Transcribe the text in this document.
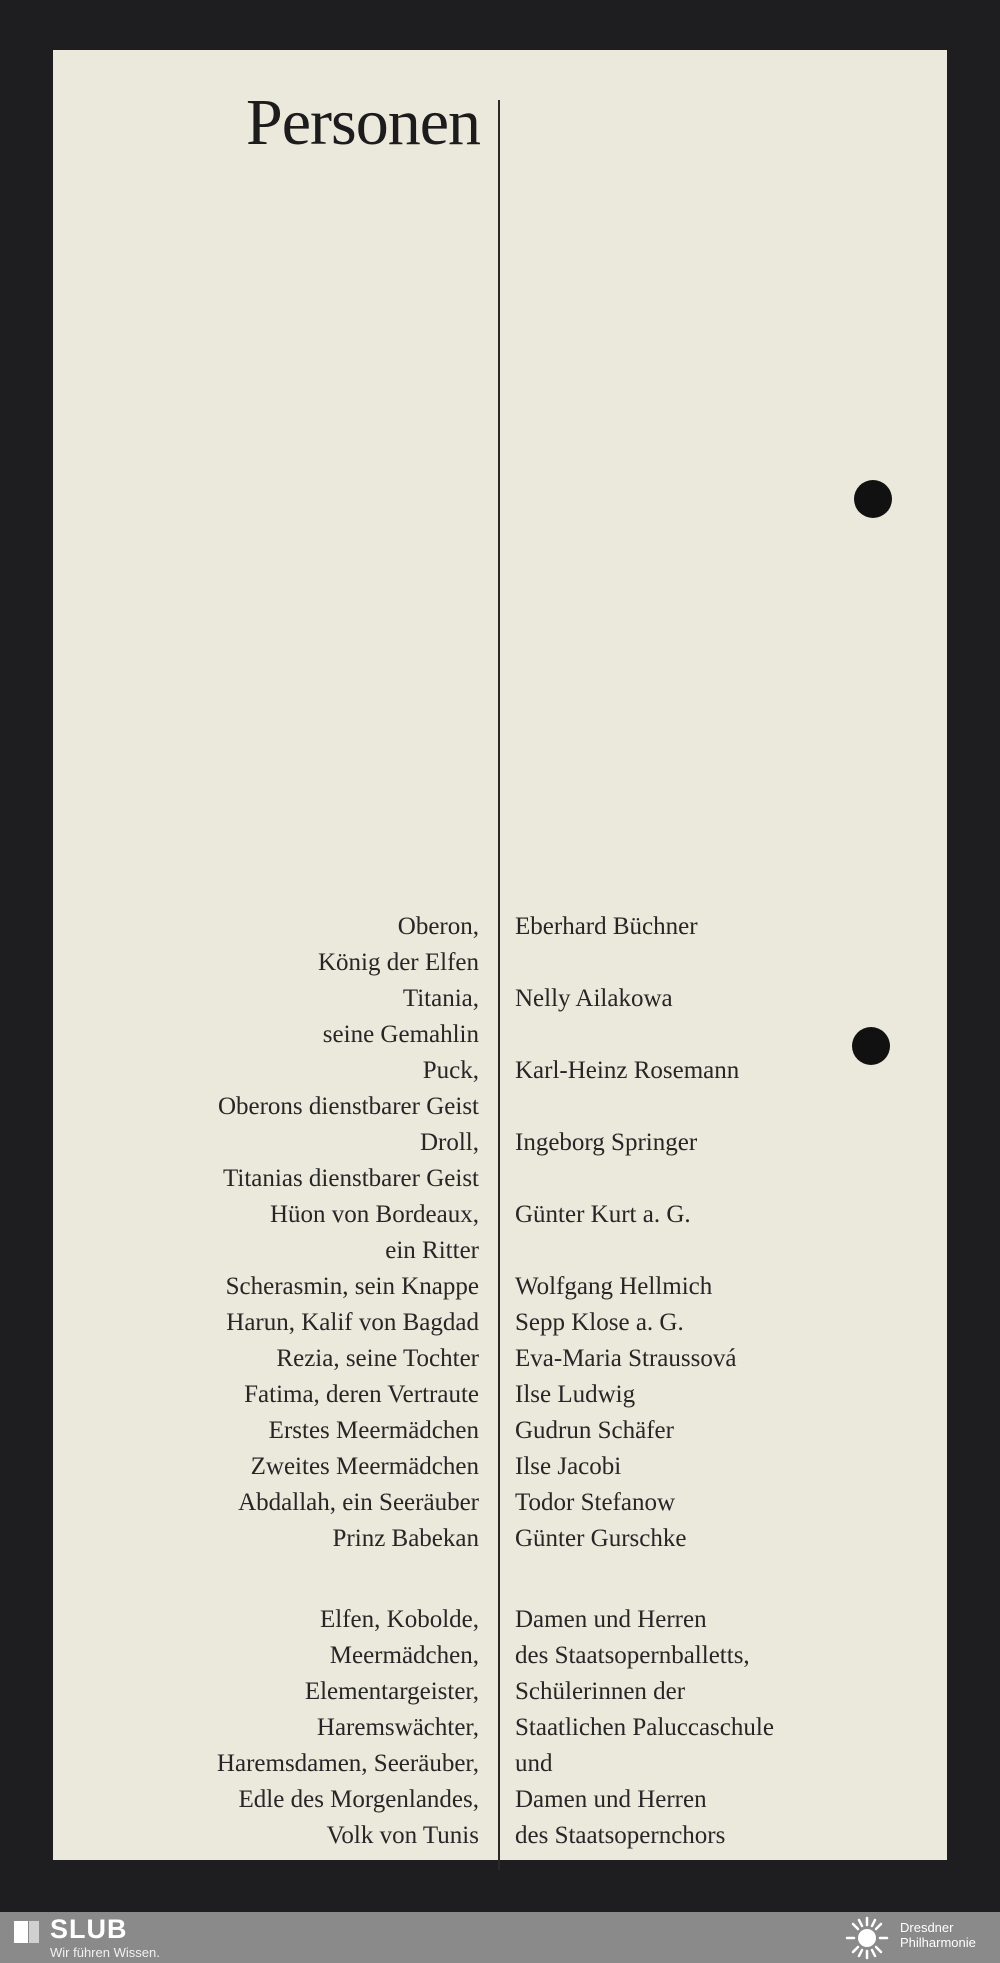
Personen
Oberon, Eberhard Büchner
König der Elfen
Titania, Nelly Ailakowa
seine Gemahlin
Puck, Karl-Heinz Rosemann
Oberons dienstbarer Geist
Droll, Ingeborg Springer
Titanias dienstbarer Geist
Hüon von Bordeaux, Günter Kurt a. G.
ein Ritter
Scherasmin, sein Knappe Wolfgang Hellmich
Harun, Kalif von Bagdad Sepp Klose a. G.
Rezia, seine Tochter Eva-Maria Straussová
Fatima, deren Vertraute Ilse Ludwig
Erstes Meermädchen Gudrun Schäfer
Zweites Meermädchen Ilse Jacobi
Abdallah, ein Seeräuber Todor Stefanow
Prinz Babekan Günter Gurschke
Elfen, Kobolde, Damen und Herren
Meermädchen, des Staatsopernballetts,
Elementargeister, Schülerinnen der
Haremswächter, Staatlichen Paluccaschule
Haremsdamen, Seeräuber, und
Edle des Morgenlandes, Damen und Herren
Volk von Tunis des Staatsopernchors
SLUB
Wir führen Wissen.
Dresdner
Philharmonie
